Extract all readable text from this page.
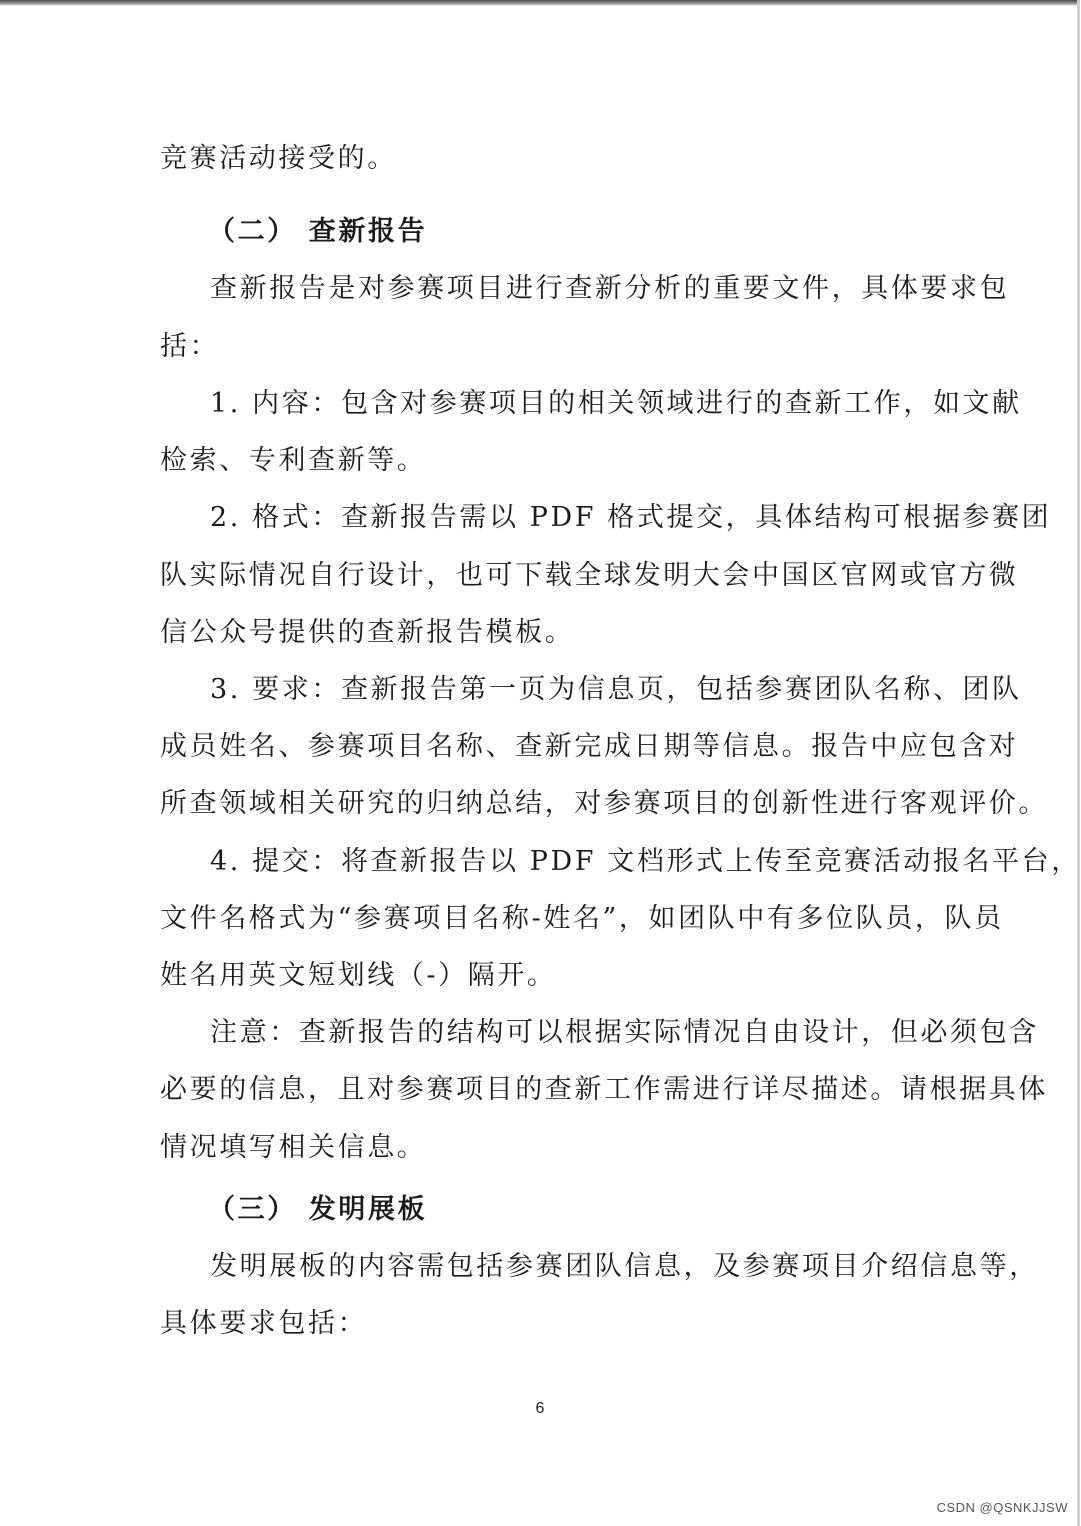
竞赛活动接受的。
（二） 查新报告
查新报告是对参赛项目进行查新分析的重要文件，具体要求包
括：
1. 内容：包含对参赛项目的相关领域进行的查新工作，如文献
检索、专利查新等。
2. 格式：查新报告需以 PDF 格式提交，具体结构可根据参赛团
队实际情况自行设计，也可下载全球发明大会中国区官网或官方微
信公众号提供的查新报告模板。
3. 要求：查新报告第一页为信息页，包括参赛团队名称、团队
成员姓名、参赛项目名称、查新完成日期等信息。报告中应包含对
所查领域相关研究的归纳总结，对参赛项目的创新性进行客观评价。
4. 提交：将查新报告以 PDF 文档形式上传至竞赛活动报名平台，
文件名格式为“参赛项目名称-姓名”，如团队中有多位队员，队员
姓名用英文短划线（-）隔开。
注意：查新报告的结构可以根据实际情况自由设计，但必须包含
必要的信息，且对参赛项目的查新工作需进行详尽描述。请根据具体
情况填写相关信息。
（三） 发明展板
发明展板的内容需包括参赛团队信息，及参赛项目介绍信息等，
具体要求包括：
6
CSDN @QSNKJJSW
